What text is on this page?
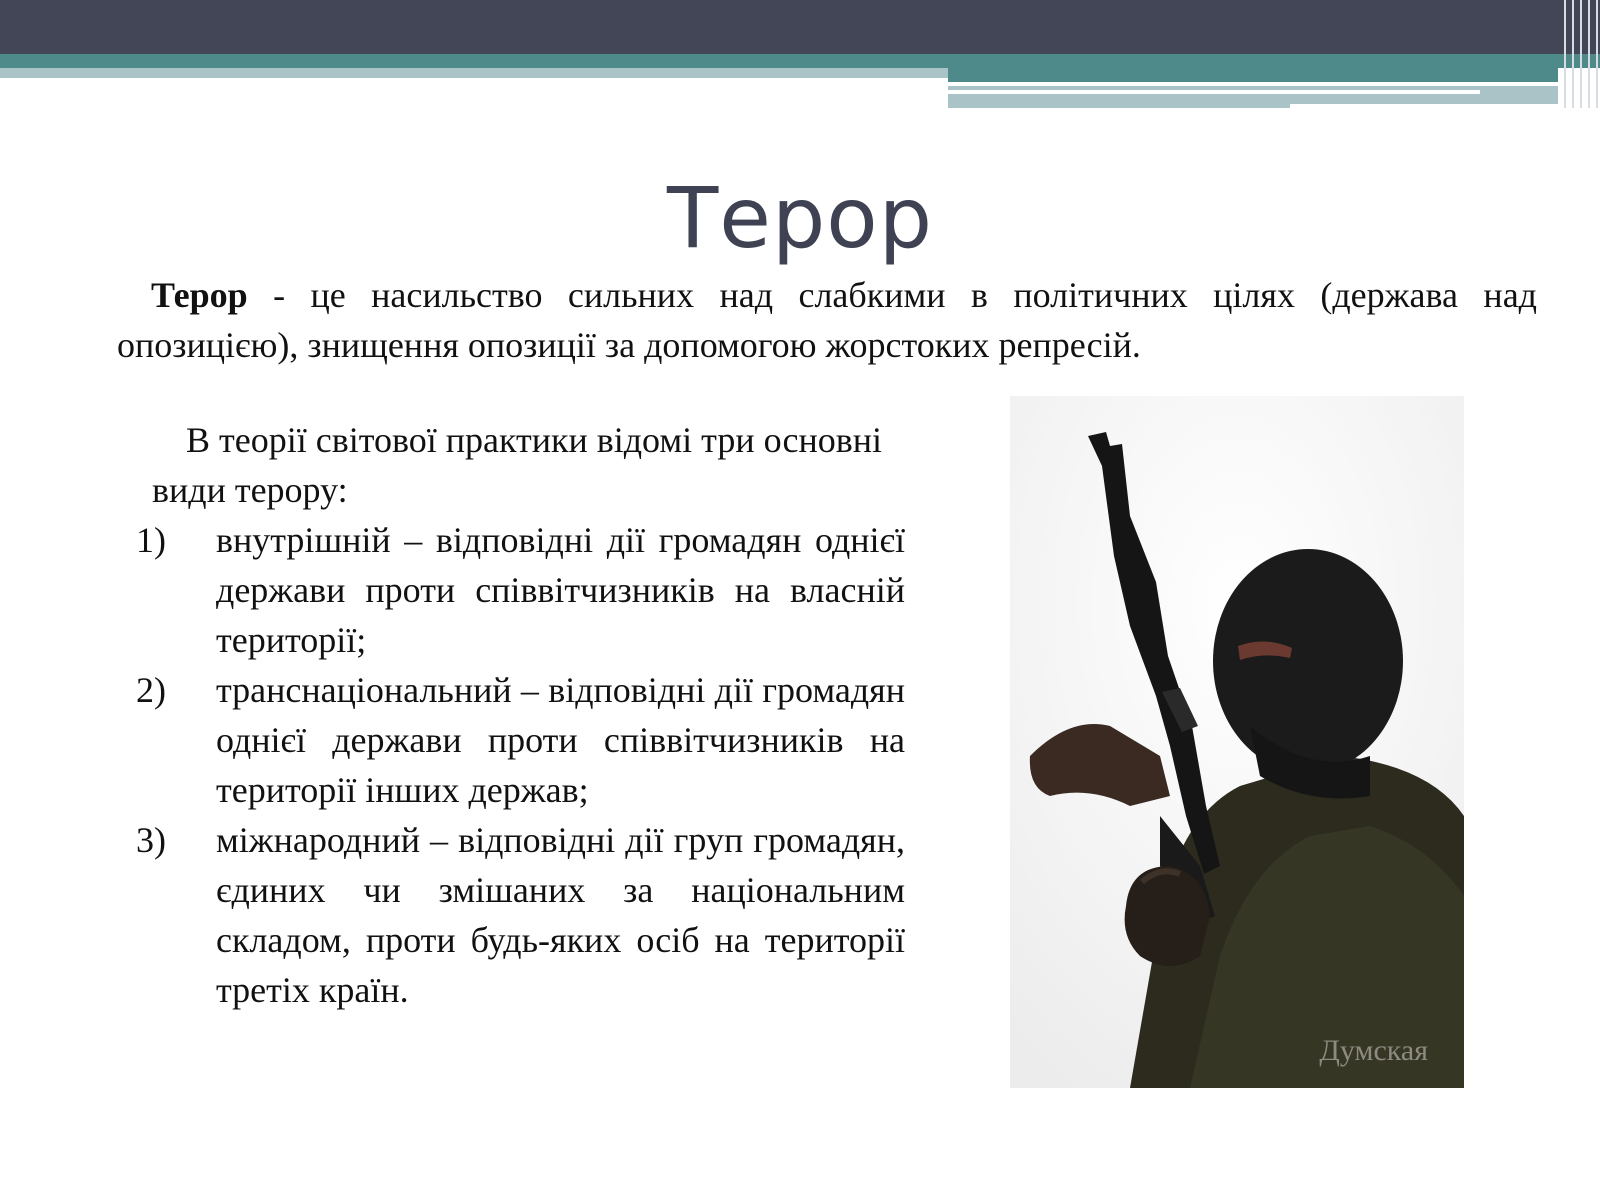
Терор

Терор - це насильство сильних над слабкими в політичних цілях (держава над опозицією), знищення опозиції за допомогою жорстоких репресій.

В теорії світової практики відомі три основні види терору:

1) внутрішній – відповідні дії громадян однієї держави проти співвітчизників на власній території;
2) транснаціональний – відповідні дії громадян однієї держави проти співвітчизників на території інших держав;
3) міжнародний – відповідні дії груп громадян, єдиних чи змішаних за національним складом, проти будь-яких осіб на території третіх країн.
Думская
